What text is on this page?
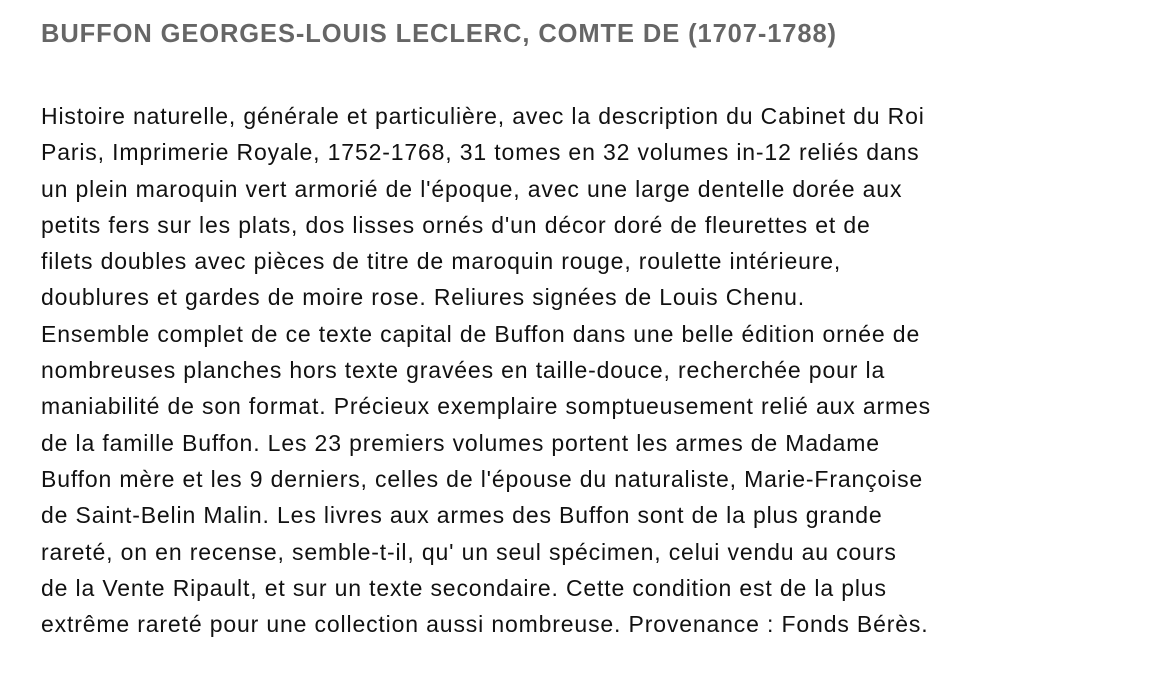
BUFFON GEORGES-LOUIS LECLERC, COMTE DE (1707-1788)
Histoire naturelle, générale et particulière, avec la description du Cabinet du Roi
Paris, Imprimerie Royale, 1752-1768, 31 tomes en 32 volumes in-12 reliés dans
un plein maroquin vert armorié de l'époque, avec une large dentelle dorée aux
petits fers sur les plats, dos lisses ornés d'un décor doré de fleurettes et de
filets doubles avec pièces de titre de maroquin rouge, roulette intérieure,
doublures et gardes de moire rose. Reliures signées de Louis Chenu.
Ensemble complet de ce texte capital de Buffon dans une belle édition ornée de
nombreuses planches hors texte gravées en taille-douce, recherchée pour la
maniabilité de son format. Précieux exemplaire somptueusement relié aux armes
de la famille Buffon. Les 23 premiers volumes portent les armes de Madame
Buffon mère et les 9 derniers, celles de l'épouse du naturaliste, Marie-Françoise
de Saint-Belin Malin. Les livres aux armes des Buffon sont de la plus grande
rareté, on en recense, semble-t-il, qu' un seul spécimen, celui vendu au cours
de la Vente Ripault, et sur un texte secondaire. Cette condition est de la plus
extrême rareté pour une collection aussi nombreuse. Provenance : Fonds Bérès.
